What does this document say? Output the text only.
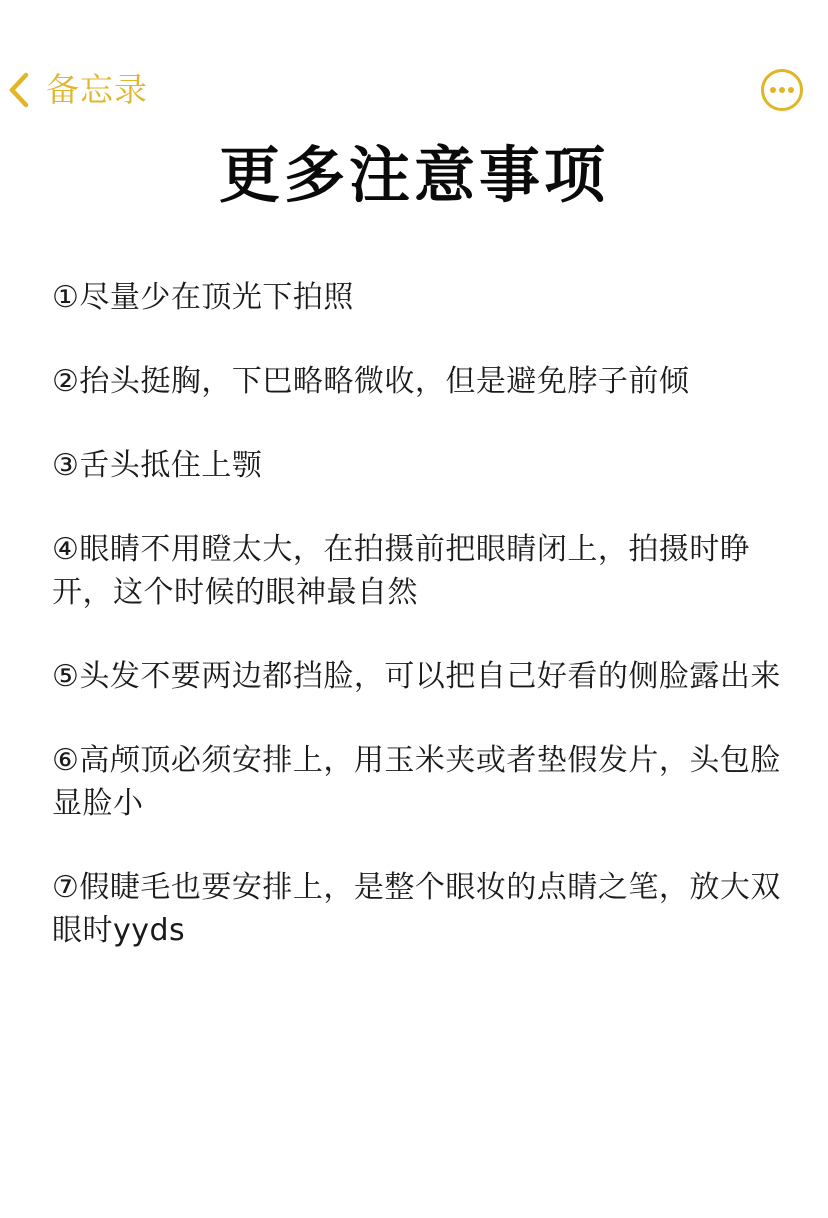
备忘录
更多注意事项
①尽量少在顶光下拍照
②抬头挺胸，下巴略略微收，但是避免脖子前倾
③舌头抵住上颚
④眼睛不用瞪太大，在拍摄前把眼睛闭上，拍摄时睁开，这个时候的眼神最自然
⑤头发不要两边都挡脸，可以把自己好看的侧脸露出来
⑥高颅顶必须安排上，用玉米夹或者垫假发片，头包脸显脸小
⑦假睫毛也要安排上，是整个眼妆的点睛之笔，放大双眼时yyds
